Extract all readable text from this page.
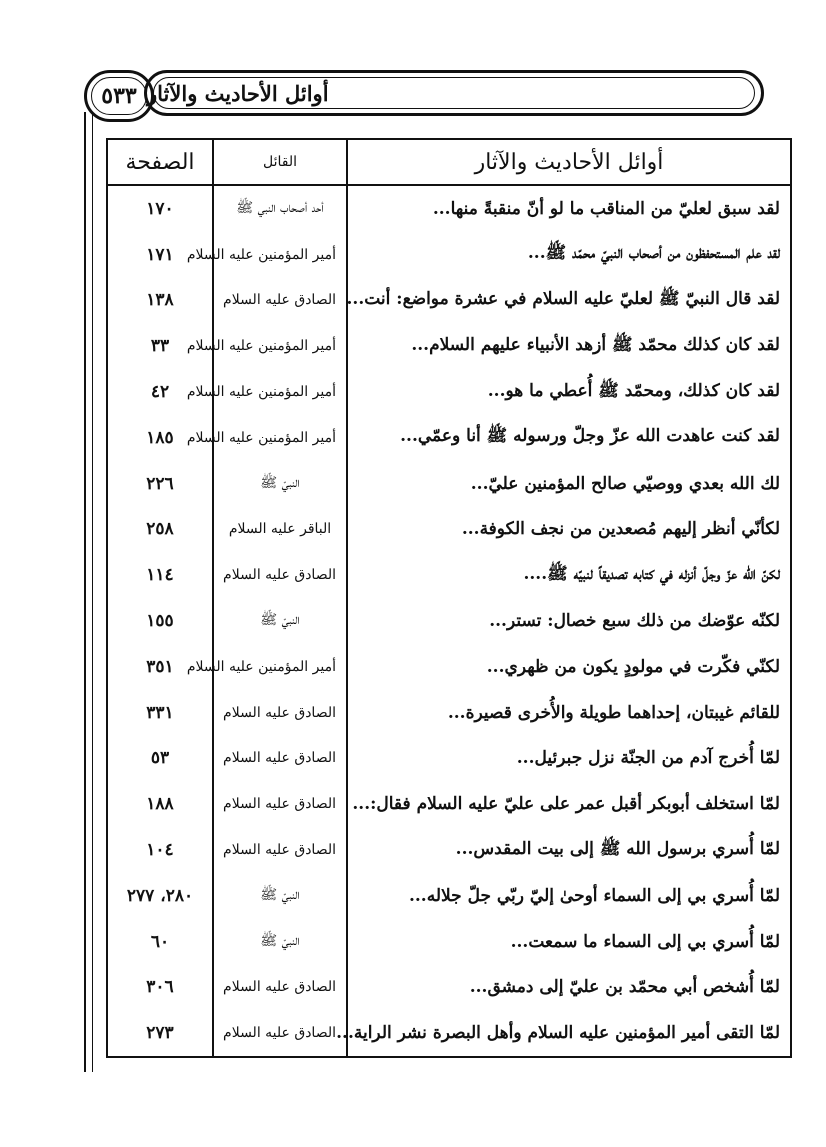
٥٣٣ أوائل الأحاديث والآثار
أوائل الأحاديث والآثار	القائل	الصفحة
لقد سبق لعليّ من المناقب ما لو أنّ منقبةً منها...	أحد أصحاب النبي ﷺ	١٧٠
لقد علم المستحفظون من أصحاب النبيّ محمّد ﷺ...	أمير المؤمنين عليه السلام	١٧١
لقد قال النبيّ ﷺ لعليّ عليه السلام في عشرة مواضع: أنت...	الصادق عليه السلام	١٣٨
لقد كان كذلك محمّد ﷺ أزهد الأنبياء عليهم السلام...	أمير المؤمنين عليه السلام	٣٣
لقد كان كذلك، ومحمّد ﷺ أُعطي ما هو...	أمير المؤمنين عليه السلام	٤٢
لقد كنت عاهدت الله عزّ وجلّ ورسوله ﷺ أنا وعمّي...	أمير المؤمنين عليه السلام	١٨٥
لك الله بعدي ووصيّي صالح المؤمنين عليّ...	النبيّ ﷺ	٢٢٦
لكأنّي أنظر إليهم مُصعدين من نجف الكوفة...	الباقر عليه السلام	٢٥٨
لكنّ الله عزّ وجلّ أنزله في كتابه تصديقاً لنبيّه ﷺ....	الصادق عليه السلام	١١٤
لكنّه عوّضك من ذلك سبع خصال: تستر...	النبيّ ﷺ	١٥٥
لكنّي فكّرت في مولودٍ يكون من ظهري...	أمير المؤمنين عليه السلام	٣٥١
للقائم غيبتان، إحداهما طويلة والأُخرى قصيرة...	الصادق عليه السلام	٣٣١
لمّا أُخرج آدم من الجنّة نزل جبرئيل...	الصادق عليه السلام	٥٣
لمّا استخلف أبوبكر أقبل عمر على عليّ عليه السلام فقال:...	الصادق عليه السلام	١٨٨
لمّا أُسري برسول الله ﷺ إلى بيت المقدس...	الصادق عليه السلام	١٠٤
لمّا أُسري بي إلى السماء أوحىٰ إليّ ربّي جلّ جلاله...	النبيّ ﷺ	٢٨٠، ٢٧٧
لمّا أُسري بي إلى السماء ما سمعت...	النبيّ ﷺ	٦٠
لمّا أُشخص أبي محمّد بن عليّ إلى دمشق...	الصادق عليه السلام	٣٠٦
لمّا التقى أمير المؤمنين عليه السلام وأهل البصرة نشر الراية...	الصادق عليه السلام	٢٧٣
